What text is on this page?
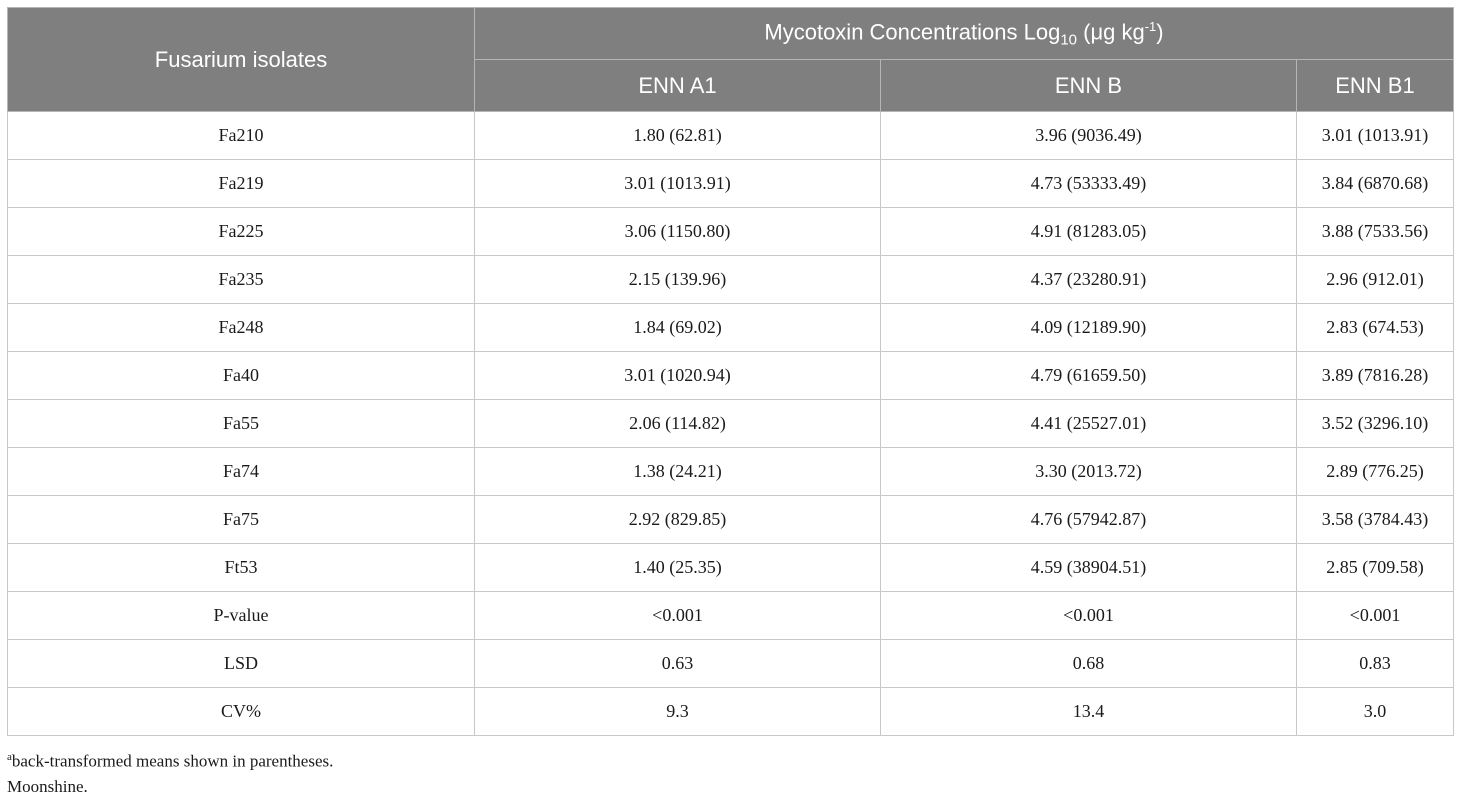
Fusarium isolates	Mycotoxin Concentrations Log$_{10}$ (μg $kg^{-1}$)		
	ENN A1	ENN B	ENN B1
Fa210	1.80 (62.81)	3.96 (9036.49)	3.01 (1013.91)
Fa219	3.01 (1013.91)	4.73 (53333.49)	3.84 (6870.68)
Fa225	3.06 (1150.80)	4.91 (81283.05)	3.88 (7533.56)
Fa235	2.15 (139.96)	4.37 (23280.91)	2.96 (912.01)
Fa248	1.84 (69.02)	4.09 (12189.90)	2.83 (674.53)
Fa40	3.01 (1020.94)	4.79 (61659.50)	3.89 (7816.28)
Fa55	2.06 (114.82)	4.41 (25527.01)	3.52 (3296.10)
Fa74	1.38 (24.21)	3.30 (2013.72)	2.89 (776.25)
Fa75	2.92 (829.85)	4.76 (57942.87)	3.58 (3784.43)
Ft53	1.40 (25.35)	4.59 (38904.51)	2.85 (709.58)
P-value	<0.001	<0.001	<0.001
LSD	0.63	0.68	0.83
CV%	9.3	13.4	3.0
$^a$back-transformed means shown in parentheses.
Moonshine.
